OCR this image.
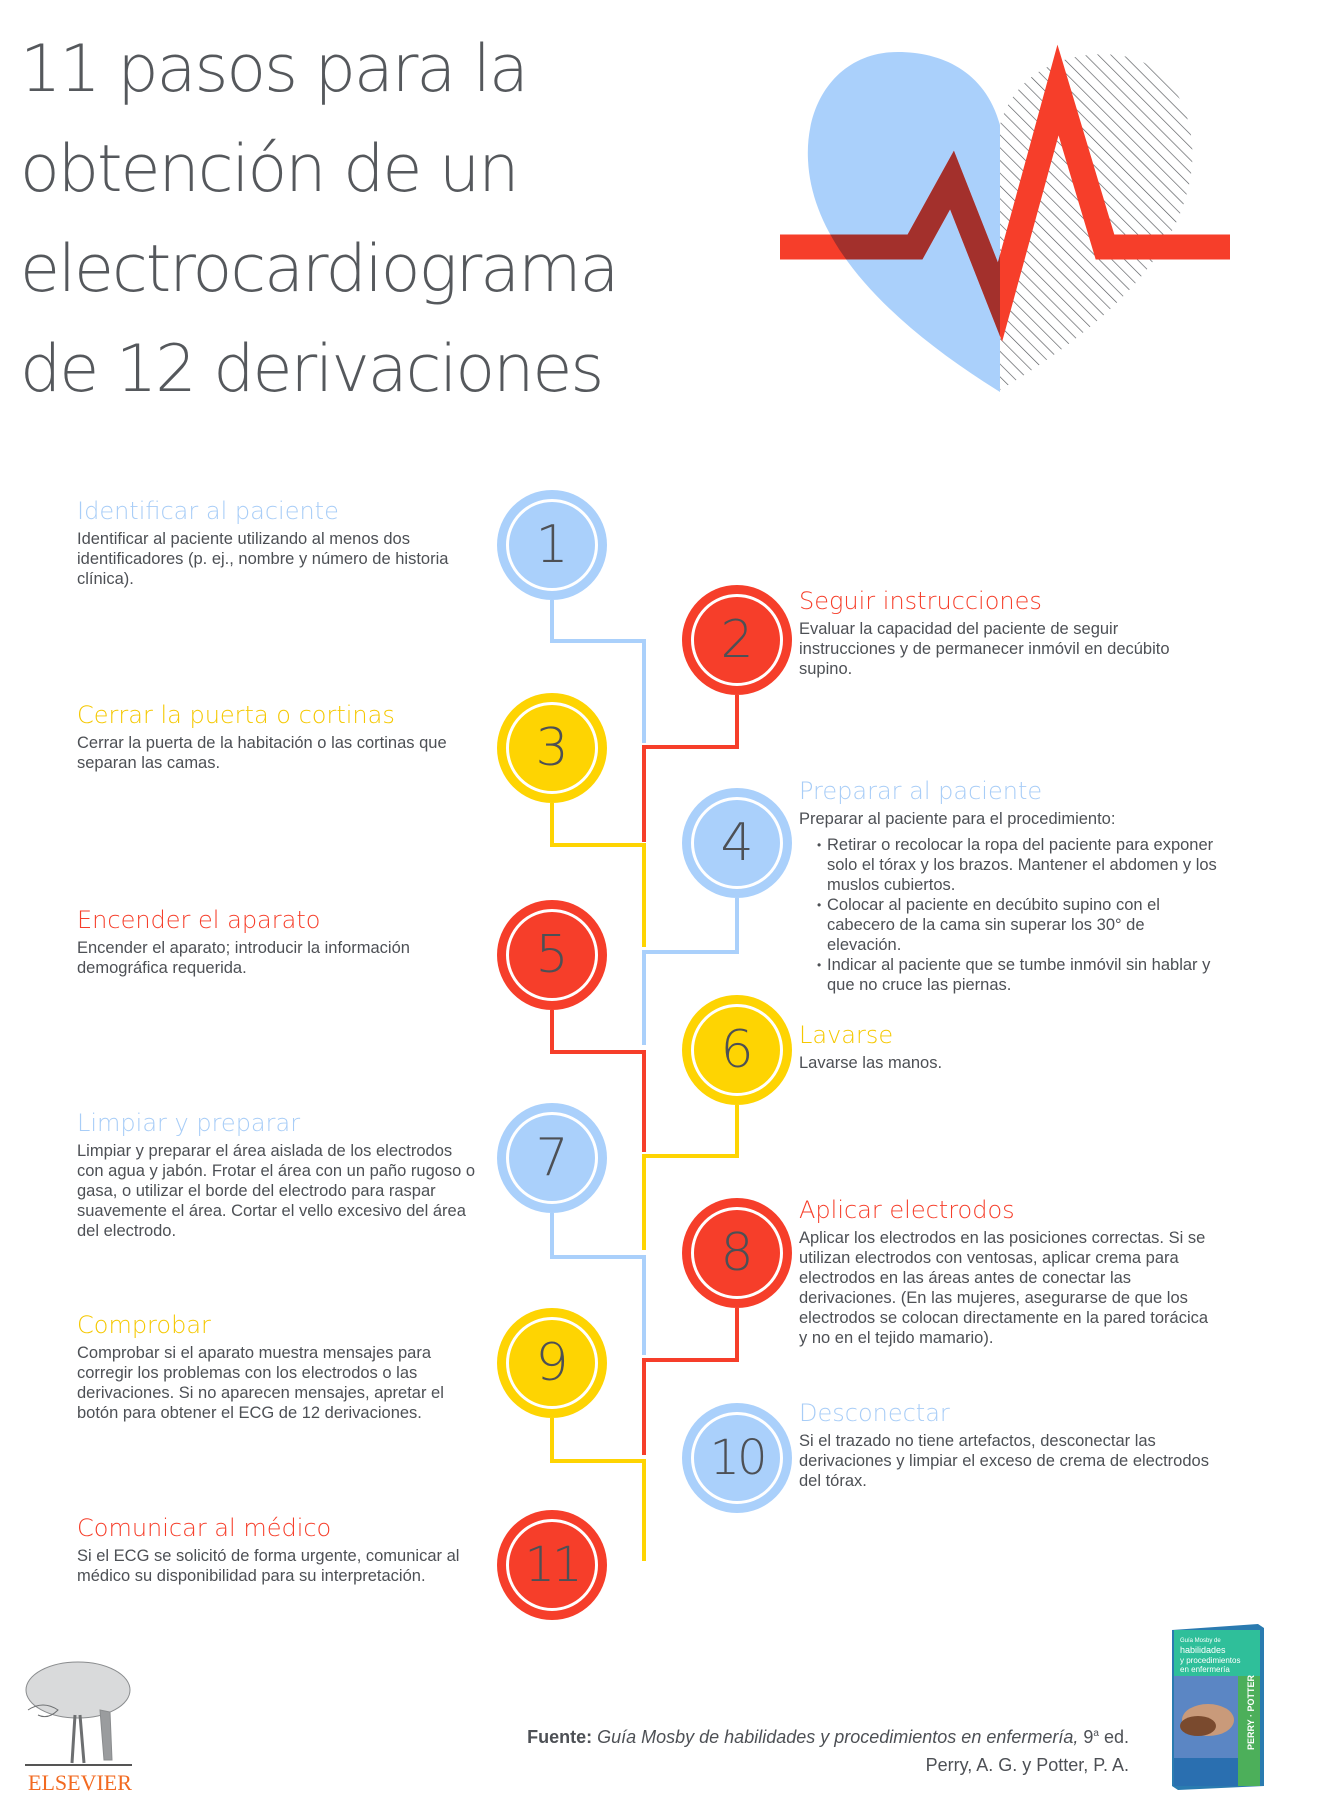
11 pasos para la
obtención de un
electrocardiograma
de 12 derivaciones
1
2
3
4
5
6
7
8
9
10
11
Identificar al paciente
Identificar al paciente utilizando al menos dos identificadores (p. ej., nombre y número de historia clínica).
Cerrar la puerta o cortinas
Cerrar la puerta de la habitación o las cortinas que separan las camas.
Encender el aparato
Encender el aparato; introducir la información demográfica requerida.
Limpiar y preparar
Limpiar y preparar el área aislada de los electrodos con agua y jabón. Frotar el área con un paño rugoso o gasa, o utilizar el borde del electrodo para raspar suavemente el área. Cortar el vello excesivo del área del electrodo.
Comprobar
Comprobar si el aparato muestra mensajes para corregir los problemas con los electrodos o las derivaciones. Si no aparecen mensajes, apretar el botón para obtener el ECG de 12 derivaciones.
Comunicar al médico
Si el ECG se solicitó de forma urgente, comunicar al médico su disponibilidad para su interpretación.
Seguir instrucciones
Evaluar la capacidad del paciente de seguir instrucciones y de permanecer inmóvil en decúbito supino.
Preparar al paciente
Preparar al paciente para el procedimiento:
• Retirar o recolocar la ropa del paciente para exponer solo el tórax y los brazos. Mantener el abdomen y los muslos cubiertos.
• Colocar al paciente en decúbito supino con el cabecero de la cama sin superar los 30° de elevación.
• Indicar al paciente que se tumbe inmóvil sin hablar y que no cruce las piernas.
Lavarse
Lavarse las manos.
Aplicar electrodos
Aplicar los electrodos en las posiciones correctas. Si se utilizan electrodos con ventosas, aplicar crema para electrodos en las áreas antes de conectar las derivaciones. (En las mujeres, asegurarse de que los electrodos se colocan directamente en la pared torácica y no en el tejido mamario).
Desconectar
Si el trazado no tiene artefactos, desconectar las derivaciones y limpiar el exceso de crema de electrodos del tórax.
ELSEVIER
Fuente: Guía Mosby de habilidades y procedimientos en enfermería, 9$^a$ ed.
Perry, A. G. y Potter, P. A.
Guía Mosby de
habilidades
y procedimientos
en enfermería
PERRY · POTTER
